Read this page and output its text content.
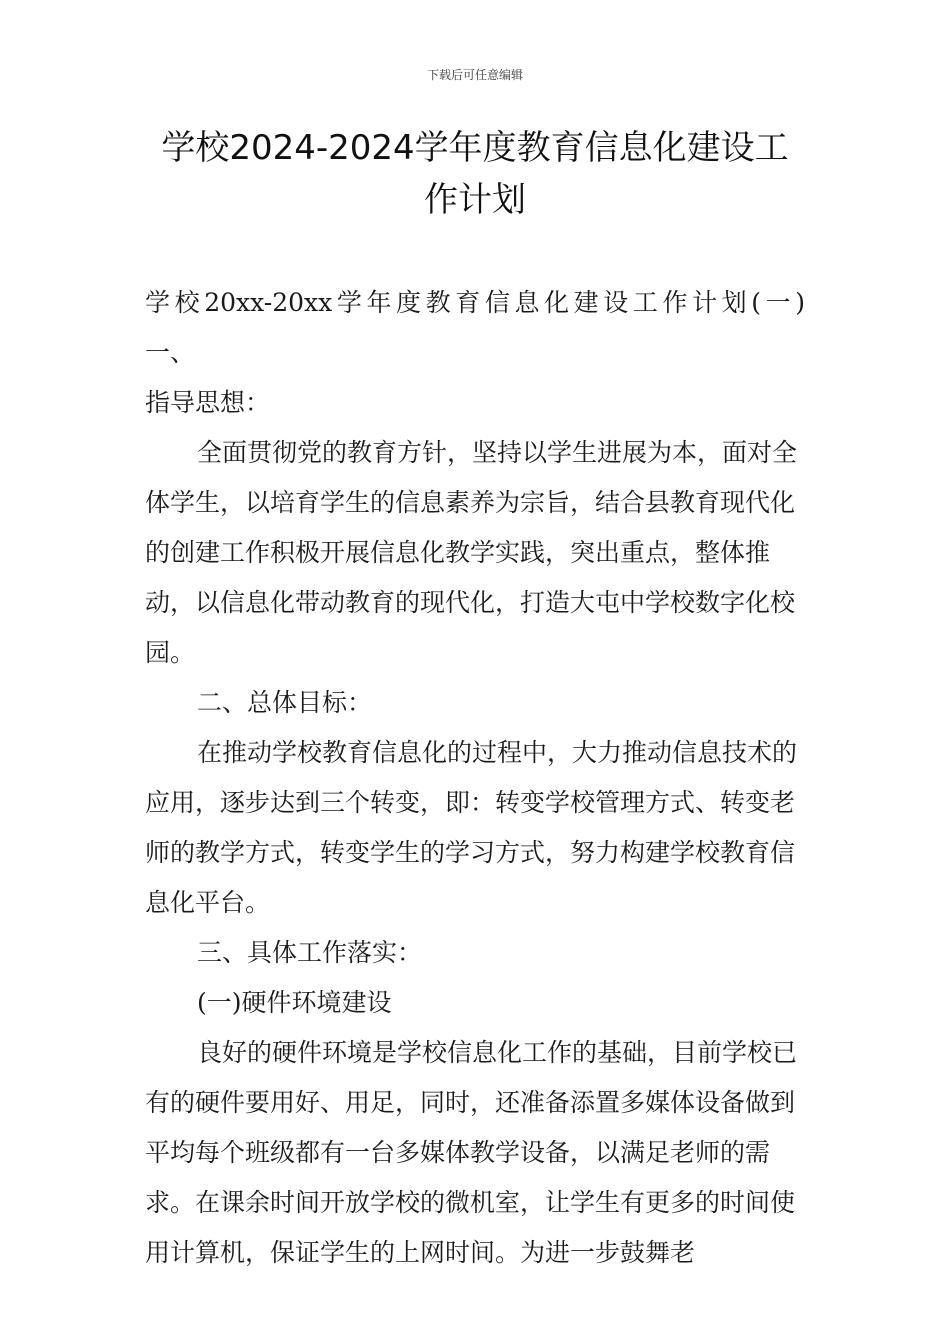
下载后可任意编辑
学校2024-2024学年度教育信息化建设工
作计划

学校20xx-20xx学年度教育信息化建设工作计划(一)　　一、
指导思想：

全面贯彻党的教育方针，坚持以学生进展为本，面对全体学生，以培育学生的信息素养为宗旨，结合县教育现代化的创建工作积极开展信息化教学实践，突出重点，整体推动，以信息化带动教育的现代化，打造大屯中学校数字化校园。

二、总体目标：

在推动学校教育信息化的过程中，大力推动信息技术的应用，逐步达到三个转变，即：转变学校管理方式、转变老师的教学方式，转变学生的学习方式，努力构建学校教育信息化平台。

三、具体工作落实：

(一)硬件环境建设

良好的硬件环境是学校信息化工作的基础，目前学校已有的硬件要用好、用足，同时，还准备添置多媒体设备做到平均每个班级都有一台多媒体教学设备，以满足老师的需求。在课余时间开放学校的微机室，让学生有更多的时间使用计算机，保证学生的上网时间。为进一步鼓舞老
